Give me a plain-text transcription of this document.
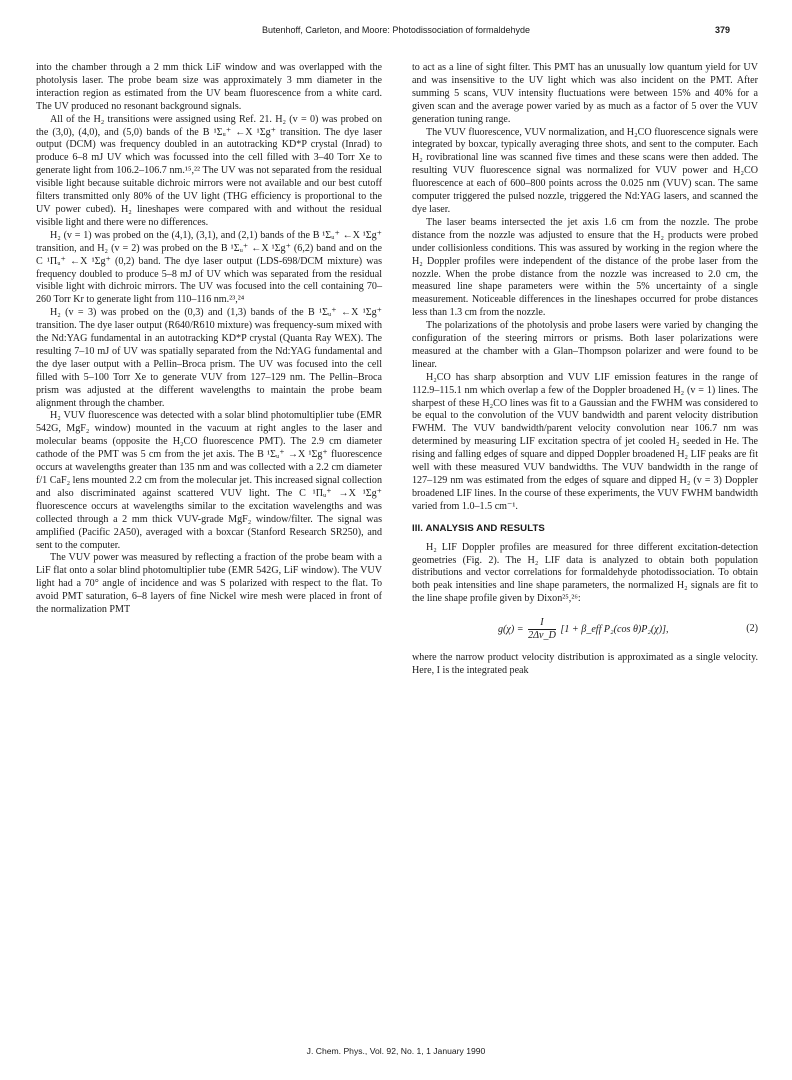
Butenhoff, Carleton, and Moore: Photodissociation of formaldehyde	379

into the chamber through a 2 mm thick LiF window and was overlapped with the photolysis laser. The probe beam size was approximately 3 mm diameter in the interaction region as estimated from the UV beam fluorescence from a white card. The UV produced no resonant background signals.

All of the H₂ transitions were assigned using Ref. 21. H₂ (v = 0) was probed on the (3,0), (4,0), and (5,0) bands of the B ¹Σᵤ⁺ ←X ¹Σg⁺ transition. The dye laser output (DCM) was frequency doubled in an autotracking KD*P crystal (Inrad) to produce 6–8 mJ UV which was focussed into the cell filled with 3–40 Torr Xe to generate light from 106.2–106.7 nm.¹⁵,²² The UV was not separated from the residual visible light because suitable dichroic mirrors were not available and our best cutoff filters transmitted only 80% of the UV light (THG efficiency is proportional to the UV power cubed). H₂ lineshapes were compared with and without the residual visible light and there were no differences.

H₂ (v = 1) was probed on the (4,1), (3,1), and (2,1) bands of the B ¹Σᵤ⁺ ←X ¹Σg⁺ transition, and H₂ (v = 2) was probed on the B ¹Σᵤ⁺ ←X ¹Σg⁺ (6,2) band and on the C ¹Πᵤ⁺ ←X ¹Σg⁺ (0,2) band. The dye laser output (LDS-698/DCM mixture) was frequency doubled to produce 5–8 mJ of UV which was separated from the residual visible light with dichroic mirrors. The UV was focused into the cell containing 70–260 Torr Kr to generate light from 110–116 nm.²³,²⁴

H₂ (v = 3) was probed on the (0,3) and (1,3) bands of the B ¹Σᵤ⁺ ←X ¹Σg⁺ transition. The dye laser output (R640/R610 mixture) was frequency-sum mixed with the Nd:YAG fundamental in an autotracking KD*P crystal (Quanta Ray WEX). The resulting 7–10 mJ of UV was spatially separated from the Nd:YAG fundamental and the dye laser output with a Pellin–Broca prism. The UV was focused into the cell filled with 5–100 Torr Xe to generate VUV from 127–129 nm. The Pellin–Broca prism was adjusted at the different wavelengths to maintain the probe beam alignment through the chamber.

H₂ VUV fluorescence was detected with a solar blind photomultiplier tube (EMR 542G, MgF₂ window) mounted in the vacuum at right angles to the laser and molecular beams (opposite the H₂CO fluorescence PMT). The 2.9 cm diameter cathode of the PMT was 5 cm from the jet axis. The B ¹Σᵤ⁺ →X ¹Σg⁺ fluorescence occurs at wavelengths greater than 135 nm and was collected with a 2.2 cm diameter f/1 CaF₂ lens mounted 2.2 cm from the molecular jet. This increased signal collection and also discriminated against scattered VUV light. The C ¹Πᵤ⁺ →X ¹Σg⁺ fluorescence occurs at wavelengths similar to the excitation wavelengths and was collected through a 2 mm thick VUV-grade MgF₂ window/filter. The signal was amplified (Pacific 2A50), averaged with a boxcar (Stanford Research SR250), and sent to the computer.

The VUV power was measured by reflecting a fraction of the probe beam with a LiF flat onto a solar blind photomultiplier tube (EMR 542G, LiF window). The VUV light had a 70° angle of incidence and was S polarized with respect to the flat. To avoid PMT saturation, 6–8 layers of fine Nickel wire mesh were placed in front of the normalization PMT

to act as a line of sight filter. This PMT has an unusually low quantum yield for UV and was insensitive to the UV light which was also incident on the PMT. After summing 5 scans, VUV intensity fluctuations were between 15% and 40% for a given scan and the average power varied by as much as a factor of 5 over the VUV generation tuning range.

The VUV fluorescence, VUV normalization, and H₂CO fluorescence signals were integrated by boxcar, typically averaging three shots, and sent to the computer. Each H₂ rovibrational line was scanned five times and these scans were then added. The resulting VUV fluorescence signal was normalized for VUV power and H₂CO fluorescence at each of 600–800 points across the 0.025 nm (VUV) scan. The same computer triggered the pulsed nozzle, triggered the Nd:YAG lasers, and scanned the dye laser.

The laser beams intersected the jet axis 1.6 cm from the nozzle. The probe distance from the nozzle was adjusted to ensure that the H₂ products were probed under collisionless conditions. This was assured by working in the region where the H₂ Doppler profiles were independent of the distance of the probe laser from the nozzle. When the probe distance from the nozzle was increased to 2.0 cm, the measured line shape parameters were within the 5% uncertainty of a single measurement. Noticeable differences in the lineshapes occurred for probe distances less than 1.3 cm from the nozzle.

The polarizations of the photolysis and probe lasers were varied by changing the configuration of the steering mirrors or prisms. Both laser polarizations were measured at the chamber with a Glan–Thompson polarizer and were found to be linear.

H₂CO has sharp absorption and VUV LIF emission features in the range of 112.9–115.1 nm which overlap a few of the Doppler broadened H₂ (v = 1) lines. The sharpest of these H₂CO lines was fit to a Gaussian and the FWHM was considered to be equal to the convolution of the VUV bandwidth and parent velocity distribution FWHM. The VUV bandwidth/parent velocity convolution near 106.7 nm was determined by measuring LIF excitation spectra of jet cooled H₂ seeded in He. The rising and falling edges of square and dipped Doppler broadened H₂ LIF peaks are fit well with these measured VUV bandwidths. The VUV bandwidth in the range of 127–129 nm was estimated from the edges of square and dipped H₂ (v = 3) Doppler broadened LIF lines. In the course of these experiments, the VUV FWHM bandwidth varied from 1.0–1.5 cm⁻¹.

III. ANALYSIS AND RESULTS

H₂ LIF Doppler profiles are measured for three different excitation-detection geometries (Fig. 2). The H₂ LIF data is analyzed to obtain both population distributions and vector correlations for formaldehyde photodissociation. To obtain both peak intensities and line shape parameters, the normalized H₂ signals are fit to the line shape profile given by Dixon²⁵,²⁶:

$g(\chi) = \frac{I}{2\Delta v\_D} [1$ + β_eff P₂(cos θ)P₂(χ)],	(2)

where the narrow product velocity distribution is approximated as a single velocity. Here, I is the integrated peak

J. Chem. Phys., Vol. 92, No. 1, 1 January 1990
